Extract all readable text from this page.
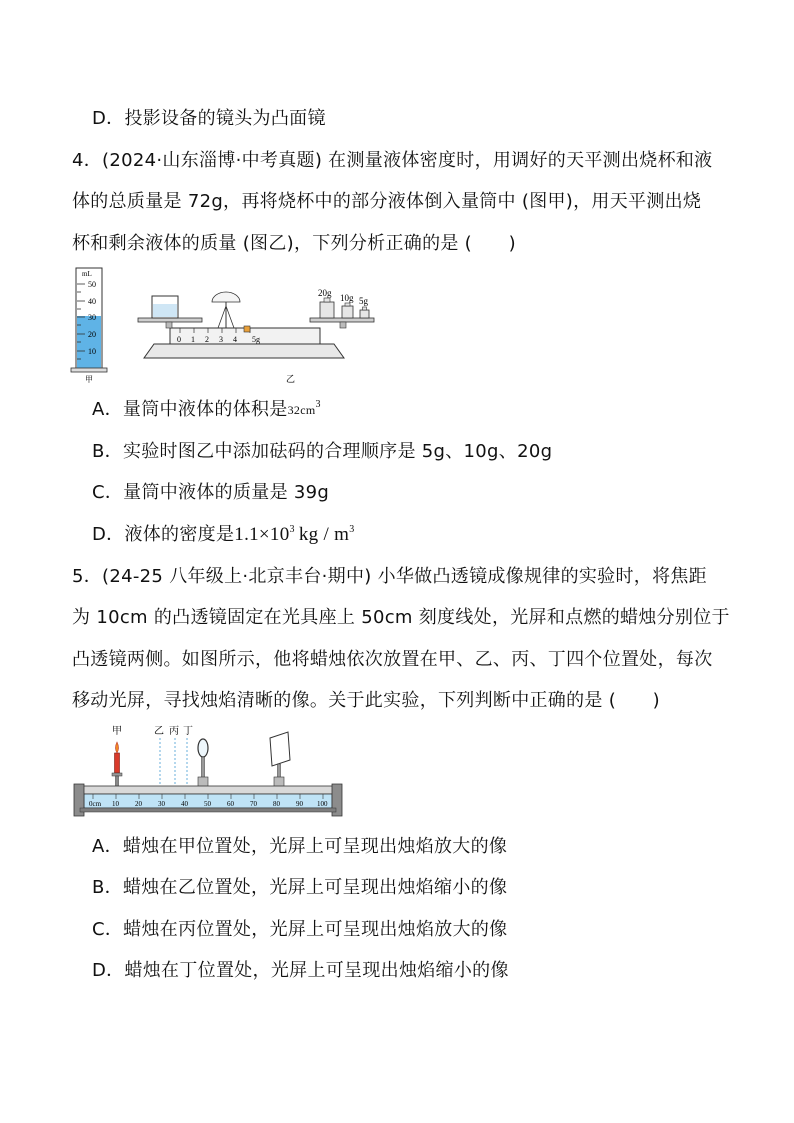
D．投影设备的镜头为凸面镜
4．(2024·山东淄博·中考真题) 在测量液体密度时，用调好的天平测出烧杯和液
体的总质量是 72g，再将烧杯中的部分液体倒入量筒中 (图甲)，用天平测出烧
杯和剩余液体的质量 (图乙)，下列分析正确的是 (　　)
mL
50
40
30
20
10
甲
0 1 2 3 4 5g
20g 10g 5g
乙
A．量筒中液体的体积是$32cm^3$
B．实验时图乙中添加砝码的合理顺序是 5g、10g、20g
C．量筒中液体的质量是 39g
D．液体的密度是$1.1\times 10^3$ kg / $m^3$
5．(24-25 八年级上·北京丰台·期中) 小华做凸透镜成像规律的实验时，将焦距
为 10cm 的凸透镜固定在光具座上 50cm 刻度线处，光屏和点燃的蜡烛分别位于
凸透镜两侧。如图所示，他将蜡烛依次放置在甲、乙、丙、丁四个位置处，每次
移动光屏，寻找烛焰清晰的像。关于此实验，下列判断中正确的是 (　　)
甲	乙 丙 丁
0cm 10 20 30 40 50 60 70 80 90 100
A．蜡烛在甲位置处，光屏上可呈现出烛焰放大的像
B．蜡烛在乙位置处，光屏上可呈现出烛焰缩小的像
C．蜡烛在丙位置处，光屏上可呈现出烛焰放大的像
D．蜡烛在丁位置处，光屏上可呈现出烛焰缩小的像
